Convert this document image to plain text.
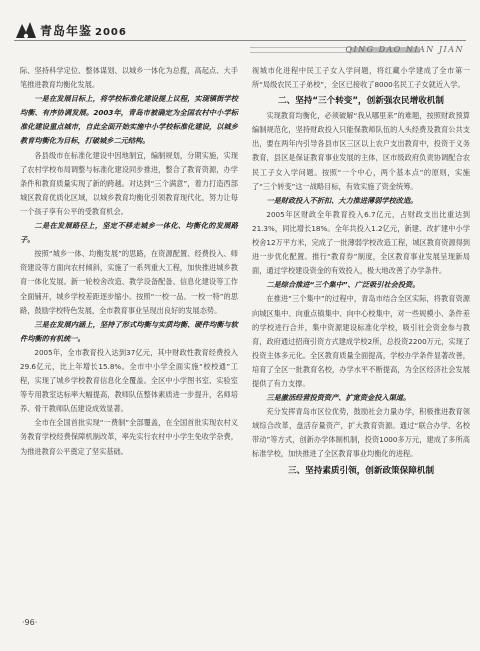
青岛年鉴 2006
QING DAO NIAN JIAN

际、坚持科学定位、整体谋划、以城乡一体化为总揽，高起点、大手笔推进教育均衡化发展。

一是在发展目标上，将学校标准化建设提上议程，实现镇街学校均衡、有序协调发展。2003年，青岛市被确定为全国农村中小学标准化建设重点城市，自此全面开始实施中小学校标准化建设，以城乡教育均衡化为目标，打破城乡二元结构。

各县级市在标准化建设中因地制宜，编制规划，分期实施，实现了农村学校布局调整与标准化建设同步推进，整合了教育资源，办学条件和教育质量实现了新的跨越。对达到“三个满意”，着力打造西部城区教育优质化区域，以城乡教育均衡化引领教育现代化，努力让每一个孩子享有公平的受教育机会。

二是在发展路径上，坚定不移走城乡一体化、均衡化的发展路子。

按照“城乡一体、均衡发展”的思路，在资源配置、经费投入、师资建设等方面向农村倾斜，实施了一系列重大工程，加快推进城乡教育一体化发展。新一轮校舍改造、教学设备配备、信息化建设等工作全面铺开，城乡学校差距逐步缩小。按照“一校一品、一校一特”的思路，鼓励学校特色发展，全市教育事业呈现出良好的发展态势。

三是在发展内涵上，坚持了形式均衡与实质均衡、硬件均衡与软件均衡的有机统一。

2005年，全市教育投入达到37亿元，其中财政性教育经费投入29.6亿元，比上年增长15.8%。全市中小学全面实施“校校通”工程，实现了城乡学校教育信息化全覆盖。全区中小学图书室、实验室等专用教室达标率大幅提高，教师队伍整体素质进一步提升，名师培养、骨干教师队伍建设成效显著。

全市在全国首批实现“一费制”全部覆盖，在全国首批实现农村义务教育学校经费保障机制改革，率先实行农村中小学生免收学杂费，为推进教育公平奠定了坚实基础。

视城市化进程中民工子女入学问题，将红藏小学建成了全市第一所“局级农民工子弟校”，全区已接收了8000名民工子女就近入学。

二、坚持“三个转变”，创新强农民增收机制

实现教育均衡化，必须破解“我从哪里来”的难题，按照财政预算编制规范化，坚持财政投入只能保教师队伍的人头经费及教育公共支出，要在两年内引导各县市区三区以上农户支出教育中，投资于义务教育，县区是保证教育事业发展的主体，区市级政府负责协调配合农民工子女入学问题。按照“一个中心，两个基本点”的原则，实施了“三个转变”这一战略目标，有效实施了资金统筹。

一是财政投入不折扣、大力推进薄弱学校改造。

2005年区财政全年教育投入6.7亿元，占财政支出比重达到21.3%，同比增长18%。全年共投入1.2亿元，新建、改扩建中小学校舍12万平方米，完成了一批薄弱学校改造工程，城区教育资源得到进一步优化配置。推行“教育券”制度，全区教育事业发展呈现新局面，通过学校建设资金的有效投入，极大地改善了办学条件。

二是综合推进“三个集中”、广泛吸引社会投资。

在推进“三个集中”的过程中，青岛市结合全区实际，将教育资源向城区集中、向重点镇集中、向中心校集中，对一些规模小、条件差的学校进行合并，集中资源建设标准化学校，吸引社会资金参与教育，政府通过招商引资方式建成学校2所，总投资2200万元，实现了投资主体多元化。全区教育质量全面提高，学校办学条件显著改善，培育了全区一批教育名校，办学水平不断提高，为全区经济社会发展提供了有力支撑。

三是激活经营投资资产、扩宽资金投入渠道。

充分发挥青岛市区位优势，鼓励社会力量办学，积极推进教育领域综合改革，盘活存量资产，扩大教育资源。通过“联合办学、名校带动”等方式，创新办学体制机制，投资1000多万元，建成了多所高标准学校，加快推进了全区教育事业均衡化的进程。

三、坚持素质引领，创新政策保障机制
·96·
